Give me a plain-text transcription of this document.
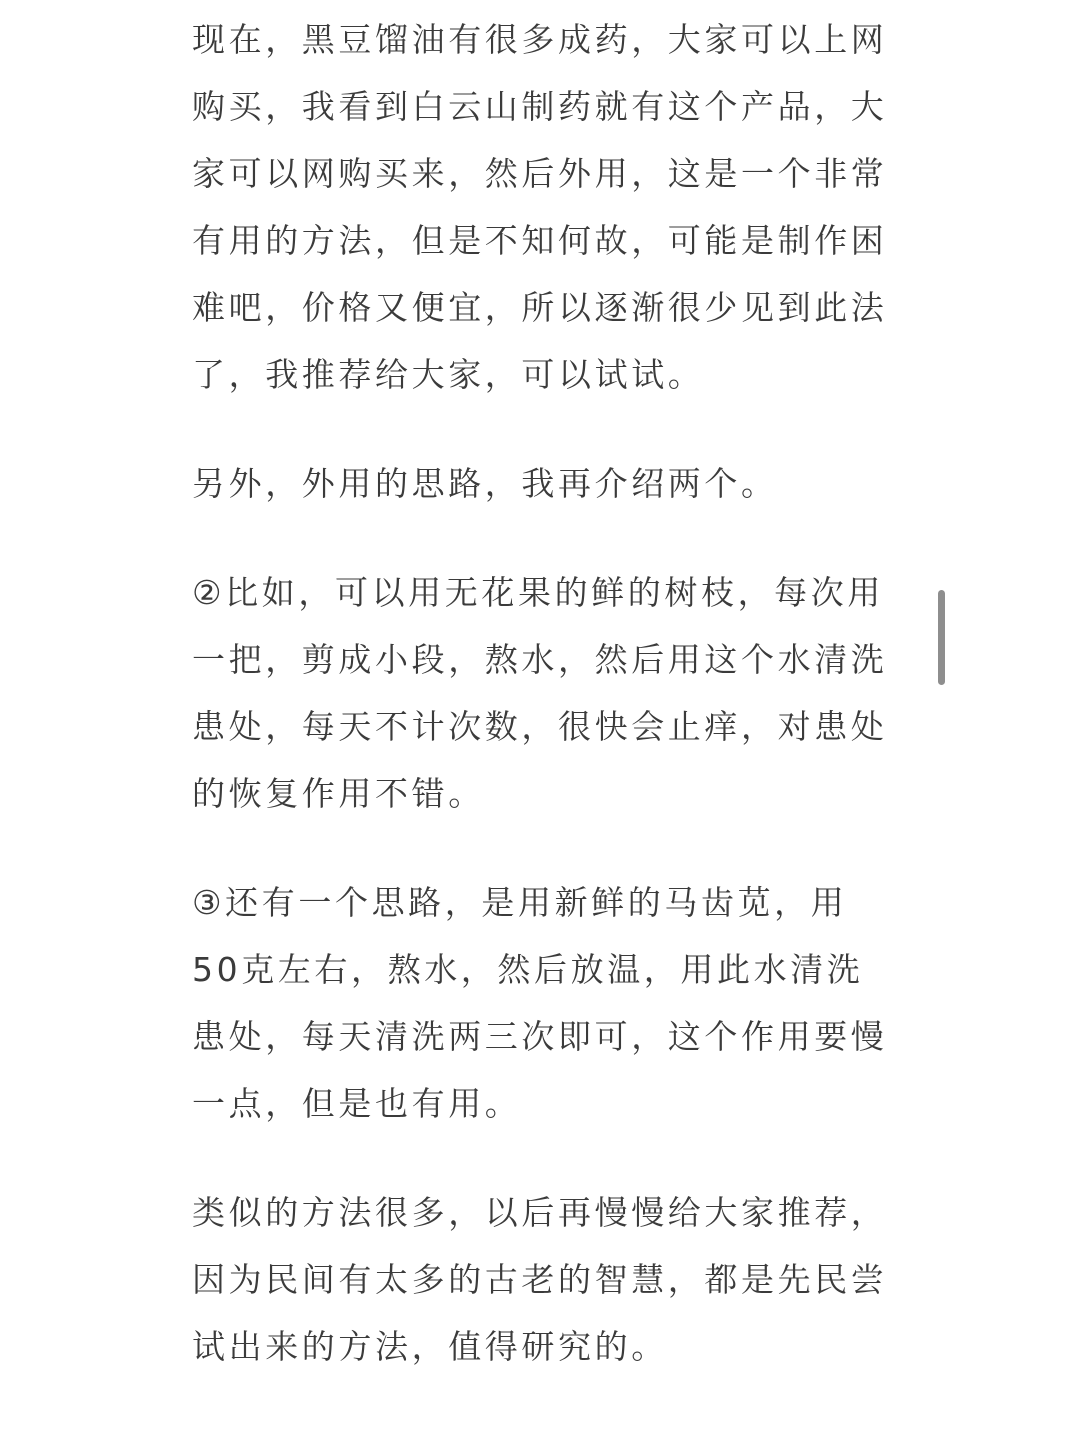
现在，黑豆馏油有很多成药，大家可以上网
购买，我看到白云山制药就有这个产品，大
家可以网购买来，然后外用，这是一个非常
有用的方法，但是不知何故，可能是制作困
难吧，价格又便宜，所以逐渐很少见到此法
了，我推荐给大家，可以试试。

另外，外用的思路，我再介绍两个。

②比如，可以用无花果的鲜的树枝，每次用
一把，剪成小段，熬水，然后用这个水清洗
患处，每天不计次数，很快会止痒，对患处
的恢复作用不错。

③还有一个思路，是用新鲜的马齿苋，用
50克左右，熬水，然后放温，用此水清洗
患处，每天清洗两三次即可，这个作用要慢
一点，但是也有用。

类似的方法很多，以后再慢慢给大家推荐，
因为民间有太多的古老的智慧，都是先民尝
试出来的方法，值得研究的。
